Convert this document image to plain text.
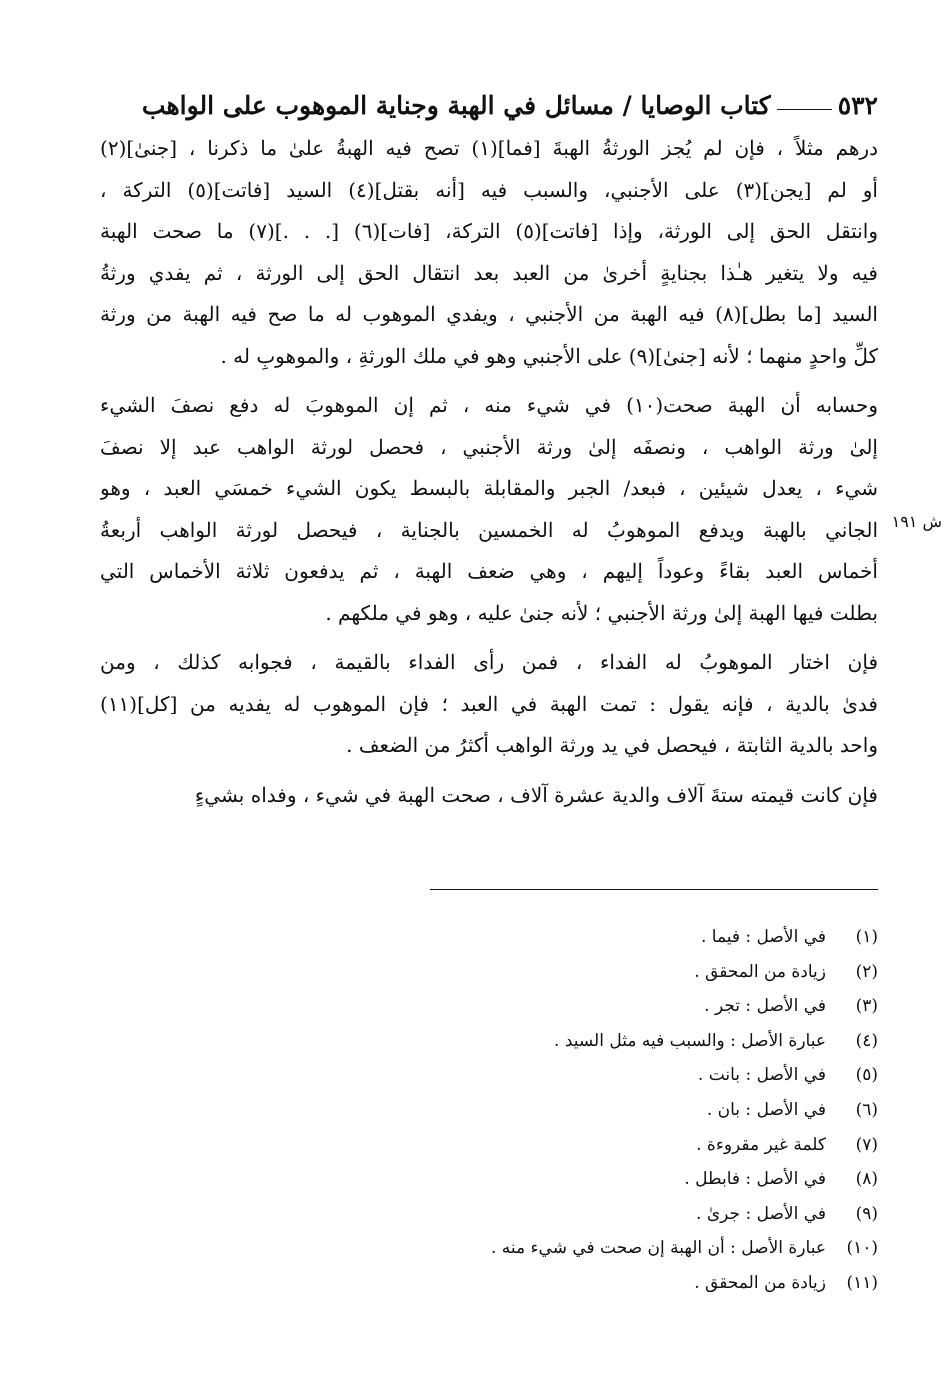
٥٣٢
كتاب الوصايا / مسائل في الهبة وجناية الموهوب على الواهب
ش ١٩١
درهم مثلاً ، فإن لم يُجز الورثةُ الهبةَ [فما](١) تصح فيه الهبةُ علىٰ ما ذكرنا ، [جنىٰ](٢)
أو لم [يجن](٣) على الأجنبي، والسبب فيه [أنه بقتل](٤) السيد [فاتت](٥) التركة ،
وانتقل الحق إلى الورثة، وإذا [فاتت](٥) التركة، [فات](٦) [. . .](٧) ما صحت الهبة
فيه ولا يتغير هـٰذا بجنايةٍ أخرىٰ من العبد بعد انتقال الحق إلى الورثة ، ثم يفدي ورثةُ
السيد [ما بطل](٨) فيه الهبة من الأجنبي ، ويفدي الموهوب له ما صح فيه الهبة من ورثة
كلِّ واحدٍ منهما ؛ لأنه [جنىٰ](٩) على الأجنبي وهو في ملك الورثةِ ، والموهوبِ له .
وحسابه أن الهبة صحت(١٠) في شيء منه ، ثم إن الموهوبَ له دفع نصفَ الشيء
إلىٰ ورثة الواهب ، ونصفَه إلىٰ ورثة الأجنبي ، فحصل لورثة الواهب عبد إلا نصفَ
شيء ، يعدل شيئين ، فبعد/ الجبر والمقابلة بالبسط يكون الشيء خمسَي العبد ، وهو
الجاني بالهبة ويدفع الموهوبُ له الخمسين بالجناية ، فيحصل لورثة الواهب أربعةُ
أخماس العبد بقاءً وعوداً إليهم ، وهي ضعف الهبة ، ثم يدفعون ثلاثة الأخماس التي
بطلت فيها الهبة إلىٰ ورثة الأجنبي ؛ لأنه جنىٰ عليه ، وهو في ملكهم .
فإن اختار الموهوبُ له الفداء ، فمن رأى الفداء بالقيمة ، فجوابه كذلك ، ومن
فدىٰ بالدية ، فإنه يقول : تمت الهبة في العبد ؛ فإن الموهوب له يفديه من [كل](١١)
واحد بالدية الثابتة ، فيحصل في يد ورثة الواهب أكثرُ من الضعف .
فإن كانت قيمته ستةَ آلاف والدية عشرة آلاف ، صحت الهبة في شيء ، وفداه بشيءٍ
(١)
في الأصل : فيما .
(٢)
زيادة من المحقق .
(٣)
في الأصل : تجر .
(٤)
عبارة الأصل : والسبب فيه مثل السيد .
(٥)
في الأصل : بانت .
(٦)
في الأصل : بان .
(٧)
كلمة غير مقروءة .
(٨)
في الأصل : فابطل .
(٩)
في الأصل : جرىٰ .
(١٠)
عبارة الأصل : أن الهبة إن صحت في شيء منه .
(١١)
زيادة من المحقق .
